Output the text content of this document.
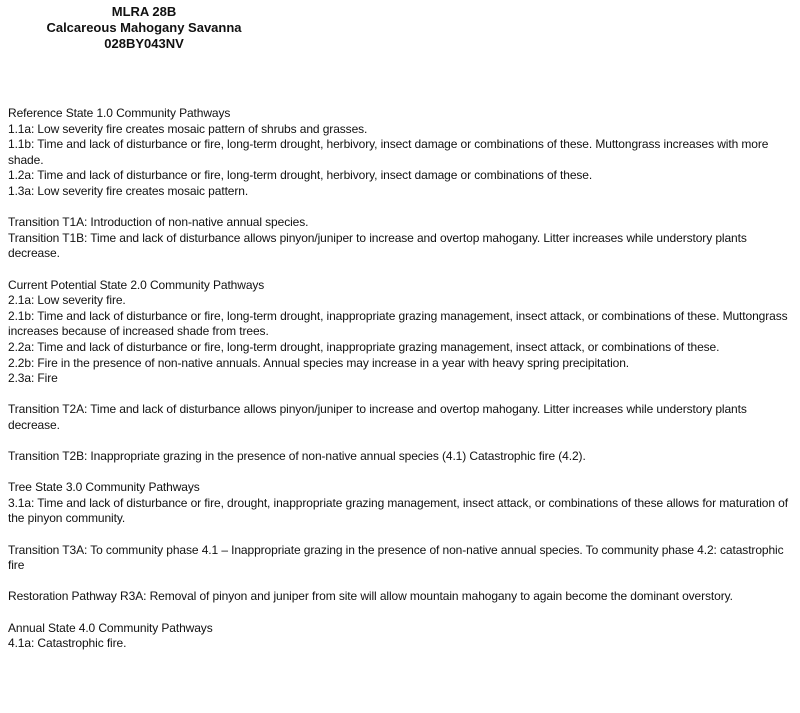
MLRA 28B
Calcareous Mahogany Savanna
028BY043NV
Reference State 1.0 Community Pathways
1.1a: Low severity fire creates mosaic pattern of shrubs and grasses.
1.1b: Time and lack of disturbance or fire, long-term drought, herbivory, insect damage or combinations of these. Muttongrass increases with more shade.
1.2a: Time and lack of disturbance or fire, long-term drought, herbivory, insect damage or combinations of these.
1.3a: Low severity fire creates mosaic pattern.
Transition T1A: Introduction of non-native annual species.
Transition T1B: Time and lack of disturbance allows pinyon/juniper to increase and overtop mahogany. Litter increases while understory plants decrease.
Current Potential State 2.0 Community Pathways
2.1a: Low severity fire.
2.1b: Time and lack of disturbance or fire, long-term drought, inappropriate grazing management, insect attack, or combinations of these. Muttongrass increases because of increased shade from trees.
2.2a: Time and lack of disturbance or fire, long-term drought, inappropriate grazing management, insect attack, or combinations of these.
2.2b: Fire in the presence of non-native annuals. Annual species may increase in a year with heavy spring precipitation.
2.3a: Fire
Transition T2A: Time and lack of disturbance allows pinyon/juniper to increase and overtop mahogany. Litter increases while understory plants decrease.
Transition T2B: Inappropriate grazing in the presence of non-native annual species (4.1) Catastrophic fire (4.2).
Tree State 3.0 Community Pathways
3.1a: Time and lack of disturbance or fire, drought, inappropriate grazing management, insect attack, or combinations of these allows for maturation of the pinyon community.
Transition T3A: To community phase 4.1 – Inappropriate grazing in the presence of non-native annual species. To community phase 4.2: catastrophic fire
Restoration Pathway R3A: Removal of pinyon and juniper from site will allow mountain mahogany to again become the dominant overstory.
Annual State 4.0 Community Pathways
4.1a: Catastrophic fire.
